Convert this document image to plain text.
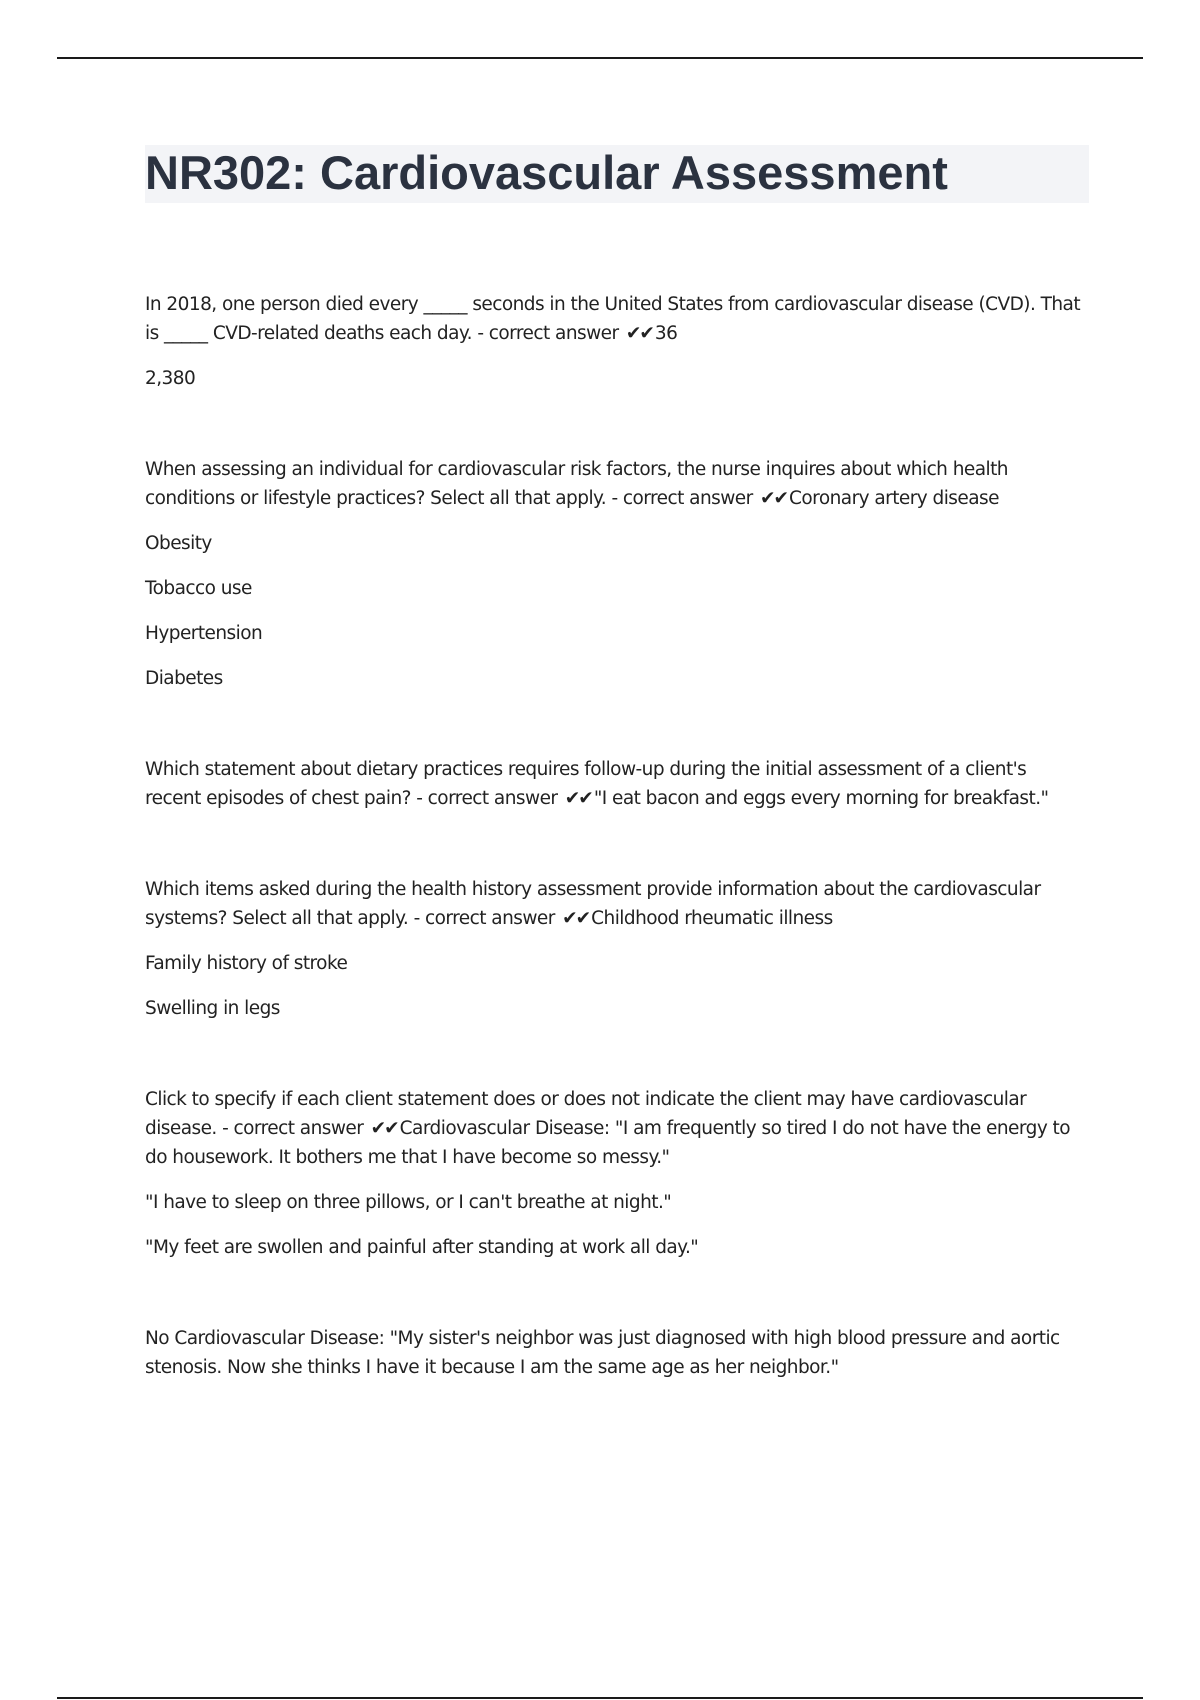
NR302: Cardiovascular Assessment

In 2018, one person died every _____ seconds in the United States from cardiovascular disease (CVD). That is _____ CVD-related deaths each day. - correct answer ✔✔ 36

2,380

When assessing an individual for cardiovascular risk factors, the nurse inquires about which health conditions or lifestyle practices? Select all that apply. - correct answer ✔✔ Coronary artery disease

Obesity

Tobacco use

Hypertension

Diabetes

Which statement about dietary practices requires follow-up during the initial assessment of a client's recent episodes of chest pain? - correct answer ✔✔ "I eat bacon and eggs every morning for breakfast."

Which items asked during the health history assessment provide information about the cardiovascular systems? Select all that apply. - correct answer ✔✔ Childhood rheumatic illness

Family history of stroke

Swelling in legs

Click to specify if each client statement does or does not indicate the client may have cardiovascular disease. - correct answer ✔✔ Cardiovascular Disease: "I am frequently so tired I do not have the energy to do housework. It bothers me that I have become so messy."

"I have to sleep on three pillows, or I can't breathe at night."

"My feet are swollen and painful after standing at work all day."

No Cardiovascular Disease: "My sister's neighbor was just diagnosed with high blood pressure and aortic stenosis. Now she thinks I have it because I am the same age as her neighbor."
